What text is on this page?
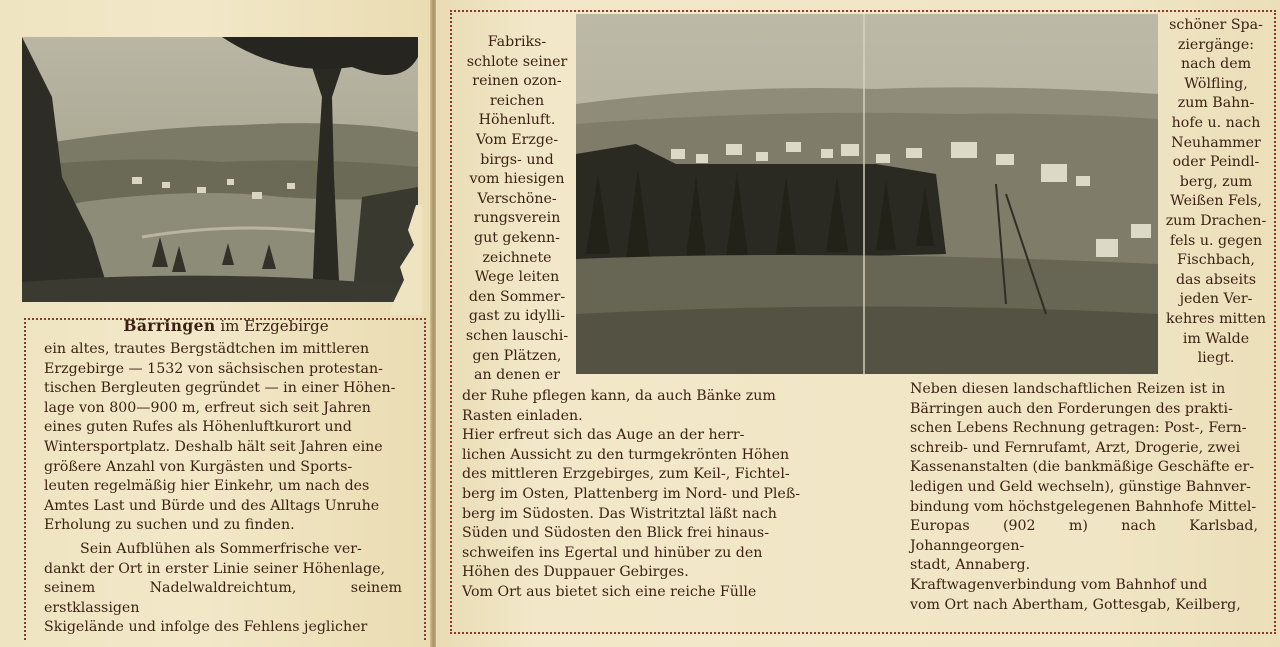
Bärringen im Erzgebirge

ein altes, trautes Bergstädtchen im mittleren
Erzgebirge — 1532 von sächsischen protestan-
tischen Bergleuten gegründet — in einer Höhen-
lage von 800—900 m, erfreut sich seit Jahren
eines guten Rufes als Höhenluftkurort und
Wintersportplatz. Deshalb hält seit Jahren eine
größere Anzahl von Kurgästen und Sports-
leuten regelmäßig hier Einkehr, um nach des
Amtes Last und Bürde und des Alltags Unruhe
Erholung zu suchen und zu finden.

Sein Aufblühen als Sommerfrische ver-
dankt der Ort in erster Linie seiner Höhenlage,
seinem Nadelwaldreichtum, seinem erstklassigen
Skigelände und infolge des Fehlens jeglicher

Fabriks-
schlote seiner
reinen ozon-
reichen
Höhenluft.
Vom Erzge-
birgs- und
vom hiesigen
Verschöne-
rungsverein
gut gekenn-
zeichnete
Wege leiten
den Sommer-
gast zu idylli-
schen lauschi-
gen Plätzen,
an denen er

schöner Spa-
ziergänge:
nach dem
Wölfling,
zum Bahn-
hofe u. nach
Neuhammer
oder Peindl-
berg, zum
Weißen Fels,
zum Drachen-
fels u. gegen
Fischbach,
das abseits
jeden Ver-
kehres mitten
im Walde
liegt.

der Ruhe pflegen kann, da auch Bänke zum
Rasten einladen.
Hier erfreut sich das Auge an der herr-
lichen Aussicht zu den turmgekrönten Höhen
des mittleren Erzgebirges, zum Keil-, Fichtel-
berg im Osten, Plattenberg im Nord- und Pleß-
berg im Südosten. Das Wistritztal läßt nach
Süden und Südosten den Blick frei hinaus-
schweifen ins Egertal und hinüber zu den
Höhen des Duppauer Gebirges.
Vom Ort aus bietet sich eine reiche Fülle

Neben diesen landschaftlichen Reizen ist in
Bärringen auch den Forderungen des prakti-
schen Lebens Rechnung getragen: Post-, Fern-
schreib- und Fernrufamt, Arzt, Drogerie, zwei
Kassenanstalten (die bankmäßige Geschäfte er-
ledigen und Geld wechseln), günstige Bahnver-
bindung vom höchstgelegenen Bahnhofe Mittel-
Europas (902 m) nach Karlsbad, Johanngeorgen-
stadt, Annaberg.
Kraftwagenverbindung vom Bahnhof und
vom Ort nach Abertham, Gottesgab, Keilberg,
